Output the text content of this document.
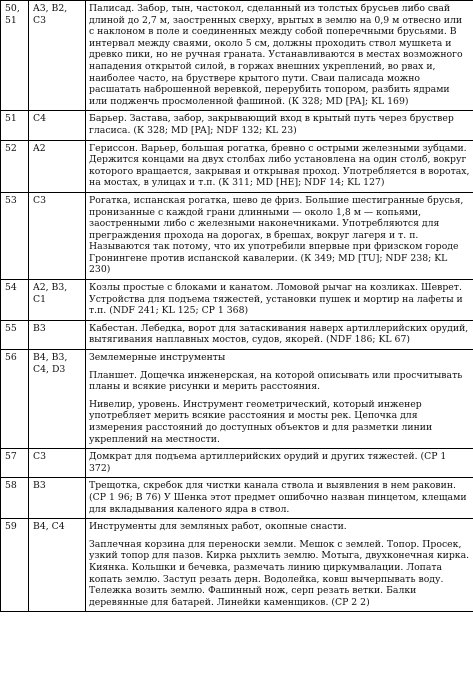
50, 51	A3, B2, C3	Палисад. Забор, тын, частокол, сделанный из толстых брусьев либо свай длиной до 2,7 м, заостренных сверху, врытых в землю на 0,9 м отвесно или с наклоном в поле и соединенных между собой поперечными брусьями. В интервал между сваями, около 5 см, должны проходить ствол мушкета и древко пики, но не ручная граната. Устанавливаются в местах возможного нападения открытой силой, в горжах внешних укреплений, во рвах и, наиболее часто, на бруствере крытого пути. Сваи палисада можно расшатать наброшенной веревкой, перерубить топором, разбить ядрами или подженчь просмоленной фашиной. (К 328; MD [PA]; KL 169)

51	C4	Барьер. Застава, забор, закрывающий вход в крытый путь через бруствер гласиса. (К 328; MD [PA]; NDF 132; KL 23)

52	A2	Гериссон. Варьер, большая рогатка, бревно с острыми железными зубцами. Держится концами на двух столбах либо установлена на один столб, вокруг которого вращается, закрывая и открывая проход. Употребляется в воротах, на мостах, в улицах и т.п. (К 311; MD [HE]; NDF 14; KL 127)

53	C3	Рогатка, испанская рогатка, шево де фриз. Большие шестигранные брусья, пронизанные с каждой грани длинными — около 1,8 м — копьями, заостренными либо с железными наконечниками. Употребляются для преграждения прохода на дорогах, в брешах, вокруг лагеря и т. п. Называются так потому, что их употребили впервые при фризском городе Гронингене против испанской кавалерии. (К 349; MD [TU]; NDF 238; KL 230)

54	A2, B3, C1	Козлы простые с блоками и канатом. Ломовой рычаг на козликах. Шеврет. Устройства для подъема тяжестей, установки пушек и мортир на лафеты и т.п. (NDF 241; KL 125; СР 1 368)

55	B3	Кабестан. Лебедка, ворот для затаскивания наверх артиллерийских орудий, вытягивания наплавных мостов, судов, якорей. (NDF 186; KL 67)

56	B4, B3, C4, D3	Землемерные инструменты

Планшет. Дощечка инженерская, на которой описывать или просчитывать планы и всякие рисунки и мерить расстояния.

Нивелир, уровень. Инструмент геометрический, который инженер употребляет мерить всякие расстояния и мосты рек. Цепочка для измерения расстояний до доступных объектов и для разметки линии укреплений на местности.

57	C3	Домкрат для подъема артиллерийских орудий и других тяжестей. (СР 1 372)

58	B3	Трещотка, скребок для чистки канала ствола и выявления в нем раковин. (СР 1 96; В 76) У Шенка этот предмет ошибочно назван пинцетом, клещами для вкладывания каленого ядра в ствол.

59	B4, C4	Инструменты для земляных работ, окопные снасти.

Заплечная корзина для переноски земли. Мешок с землей. Топор. Просек, узкий топор для пазов. Кирка рыхлить землю. Мотыга, двухконечная кирка. Киянка. Кольшки и бечевка, размечать линию циркумвалации. Лопата копать землю. Заступ резать дерн. Водолейка, ковш вычерпывать воду. Тележка возить землю. Фашинный нож, серп резать ветки. Балки деревянные для батарей. Линейки каменщиков. (СР 2 2)
